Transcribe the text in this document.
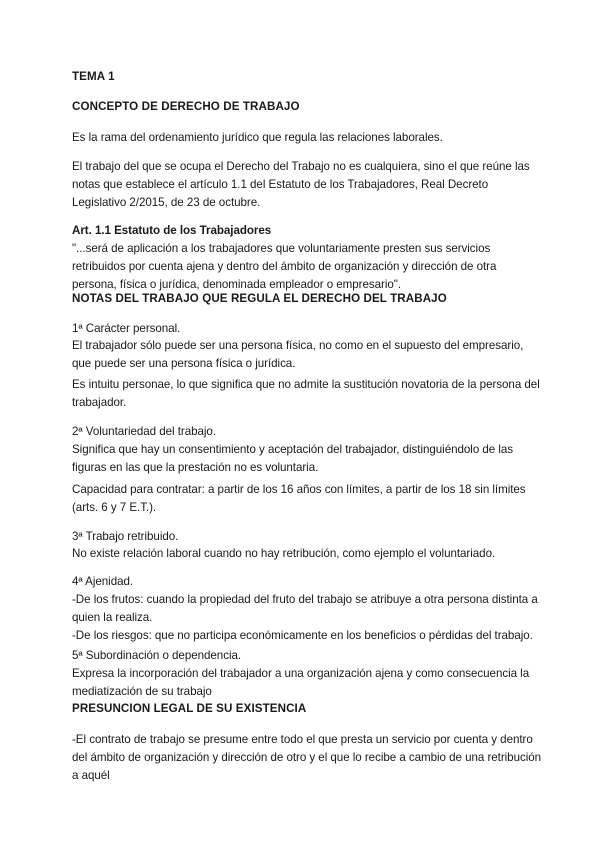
TEMA 1
CONCEPTO DE DERECHO DE TRABAJO
Es la rama del ordenamiento jurídico que regula las relaciones laborales.
El trabajo del que se ocupa el Derecho del Trabajo no es cualquiera, sino el que reúne las
notas que establece el artículo 1.1 del Estatuto de los Trabajadores, Real Decreto
Legislativo 2/2015, de 23 de octubre.
Art. 1.1 Estatuto de los Trabajadores
"...será de aplicación a los trabajadores que voluntariamente presten sus servicios
retribuidos por cuenta ajena y dentro del ámbito de organización y dirección de otra
persona, física o jurídica, denominada empleador o empresario".
NOTAS DEL TRABAJO QUE REGULA EL DERECHO DEL TRABAJO
1ª Carácter personal.
El trabajador sólo puede ser una persona física, no como en el supuesto del empresario,
que puede ser una persona física o jurídica.
Es intuitu personae, lo que significa que no admite la sustitución novatoria de la persona del
trabajador.
2ª Voluntariedad del trabajo.
Significa que hay un consentimiento y aceptación del trabajador, distinguiéndolo de las
figuras en las que la prestación no es voluntaria.
Capacidad para contratar: a partir de los 16 años con límites, a partir de los 18 sin límites
(arts. 6 y 7 E.T.).
3ª Trabajo retribuido.
No existe relación laboral cuando no hay retribución, como ejemplo el voluntariado.
4ª Ajenidad.
-De los frutos: cuando la propiedad del fruto del trabajo se atribuye a otra persona distinta a
quien la realiza.
-De los riesgos: que no participa económicamente en los beneficios o pérdidas del trabajo.
5ª Subordinación o dependencia.
Expresa la incorporación del trabajador a una organización ajena y como consecuencia la
mediatización de su trabajo
PRESUNCION LEGAL DE SU EXISTENCIA
-El contrato de trabajo se presume entre todo el que presta un servicio por cuenta y dentro
del ámbito de organización y dirección de otro y el que lo recibe a cambio de una retribución
a aquél
